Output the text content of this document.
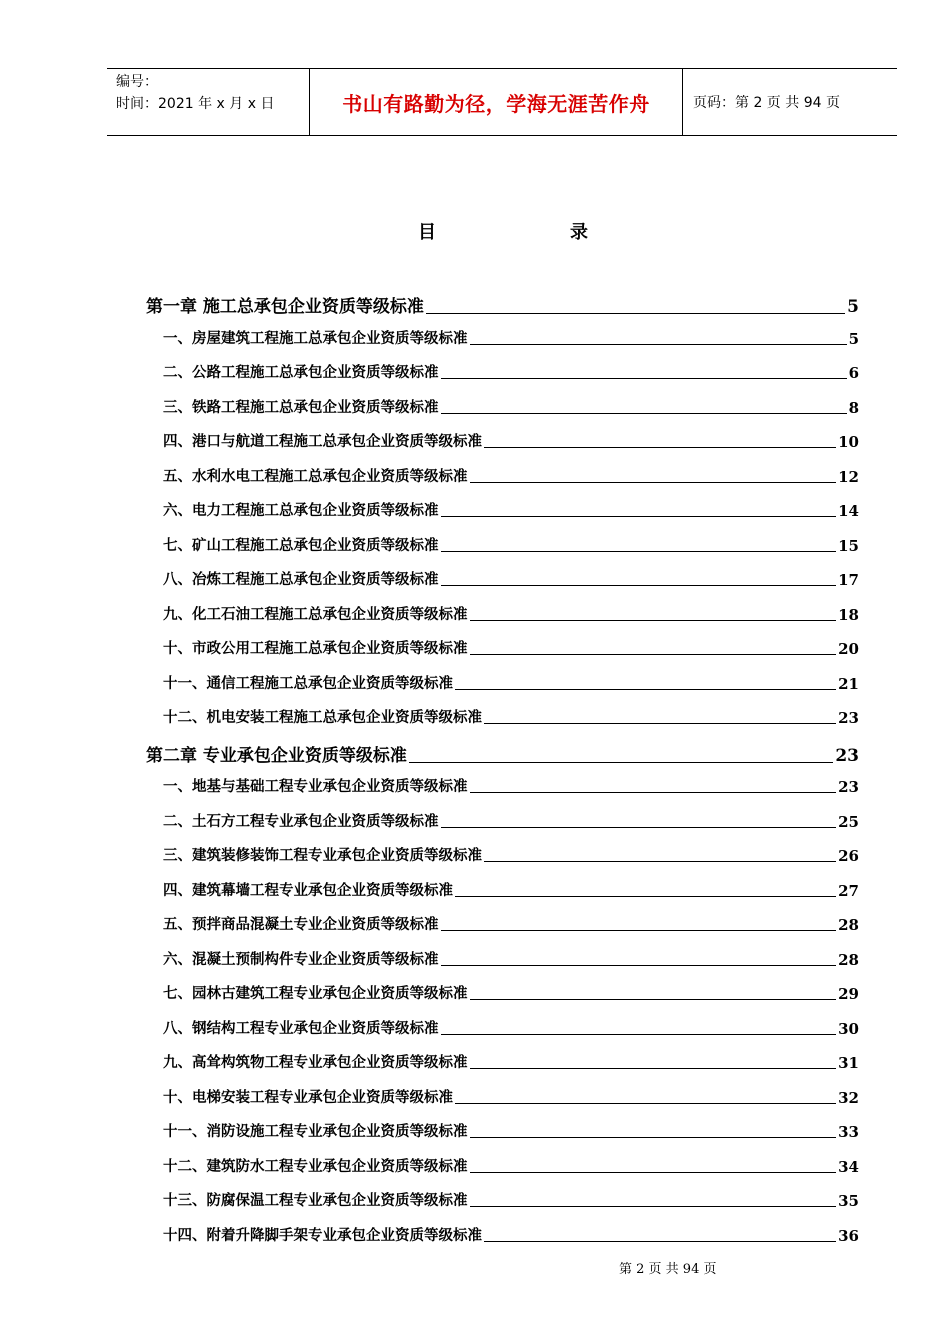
编号：
时间：2021 年 x 月 x 日	书山有路勤为径，学海无涯苦作舟	页码：第 2 页 共 94 页
目	录
第一章 施工总承包企业资质等级标准	5
一、房屋建筑工程施工总承包企业资质等级标准	5
二、公路工程施工总承包企业资质等级标准	6
三、铁路工程施工总承包企业资质等级标准	8
四、港口与航道工程施工总承包企业资质等级标准	10
五、水利水电工程施工总承包企业资质等级标准	12
六、电力工程施工总承包企业资质等级标准	14
七、矿山工程施工总承包企业资质等级标准	15
八、冶炼工程施工总承包企业资质等级标准	17
九、化工石油工程施工总承包企业资质等级标准	18
十、市政公用工程施工总承包企业资质等级标准	20
十一、通信工程施工总承包企业资质等级标准	21
十二、机电安装工程施工总承包企业资质等级标准	23
第二章 专业承包企业资质等级标准	23
一、地基与基础工程专业承包企业资质等级标准	23
二、土石方工程专业承包企业资质等级标准	25
三、建筑装修装饰工程专业承包企业资质等级标准	26
四、建筑幕墙工程专业承包企业资质等级标准	27
五、预拌商品混凝土专业企业资质等级标准	28
六、混凝土预制构件专业企业资质等级标准	28
七、园林古建筑工程专业承包企业资质等级标准	29
八、钢结构工程专业承包企业资质等级标准	30
九、高耸构筑物工程专业承包企业资质等级标准	31
十、电梯安装工程专业承包企业资质等级标准	32
十一、消防设施工程专业承包企业资质等级标准	33
十二、建筑防水工程专业承包企业资质等级标准	34
十三、防腐保温工程专业承包企业资质等级标准	35
十四、附着升降脚手架专业承包企业资质等级标准	36
第 2 页 共 94 页
